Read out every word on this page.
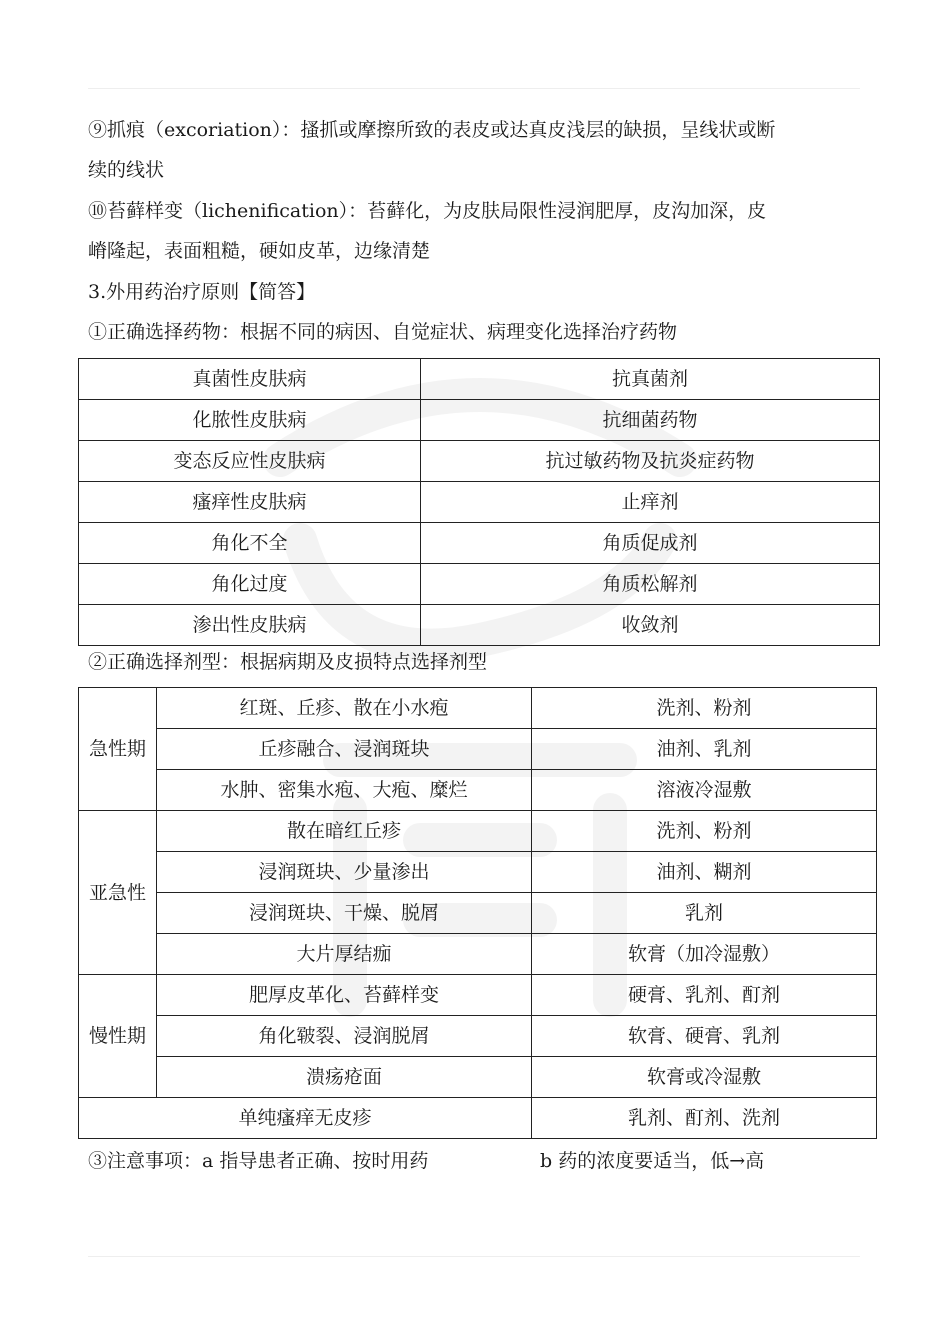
⑨抓痕（excoriation）：搔抓或摩擦所致的表皮或达真皮浅层的缺损，呈线状或断
续的线状
⑩苔藓样变（lichenification）：苔藓化，为皮肤局限性浸润肥厚，皮沟加深，皮
嵴隆起，表面粗糙，硬如皮革，边缘清楚
3.外用药治疗原则【简答】
①正确选择药物：根据不同的病因、自觉症状、病理变化选择治疗药物
真菌性皮肤病	抗真菌剂
化脓性皮肤病	抗细菌药物
变态反应性皮肤病	抗过敏药物及抗炎症药物
瘙痒性皮肤病	止痒剂
角化不全	角质促成剂
角化过度	角质松解剂
渗出性皮肤病	收敛剂
②正确选择剂型：根据病期及皮损特点选择剂型
急性期	红斑、丘疹、散在小水疱	洗剂、粉剂
	丘疹融合、浸润斑块	油剂、乳剂
	水肿、密集水疱、大疱、糜烂	溶液冷湿敷
亚急性	散在暗红丘疹	洗剂、粉剂
	浸润斑块、少量渗出	油剂、糊剂
	浸润斑块、干燥、脱屑	乳剂
	大片厚结痂	软膏（加冷湿敷）
慢性期	肥厚皮革化、苔藓样变	硬膏、乳剂、酊剂
	角化皲裂、浸润脱屑	软膏、硬膏、乳剂
	溃疡疮面	软膏或冷湿敷
单纯瘙痒无皮疹		乳剂、酊剂、洗剂
③注意事项：a 指导患者正确、按时用药	b 药的浓度要适当，低→高
